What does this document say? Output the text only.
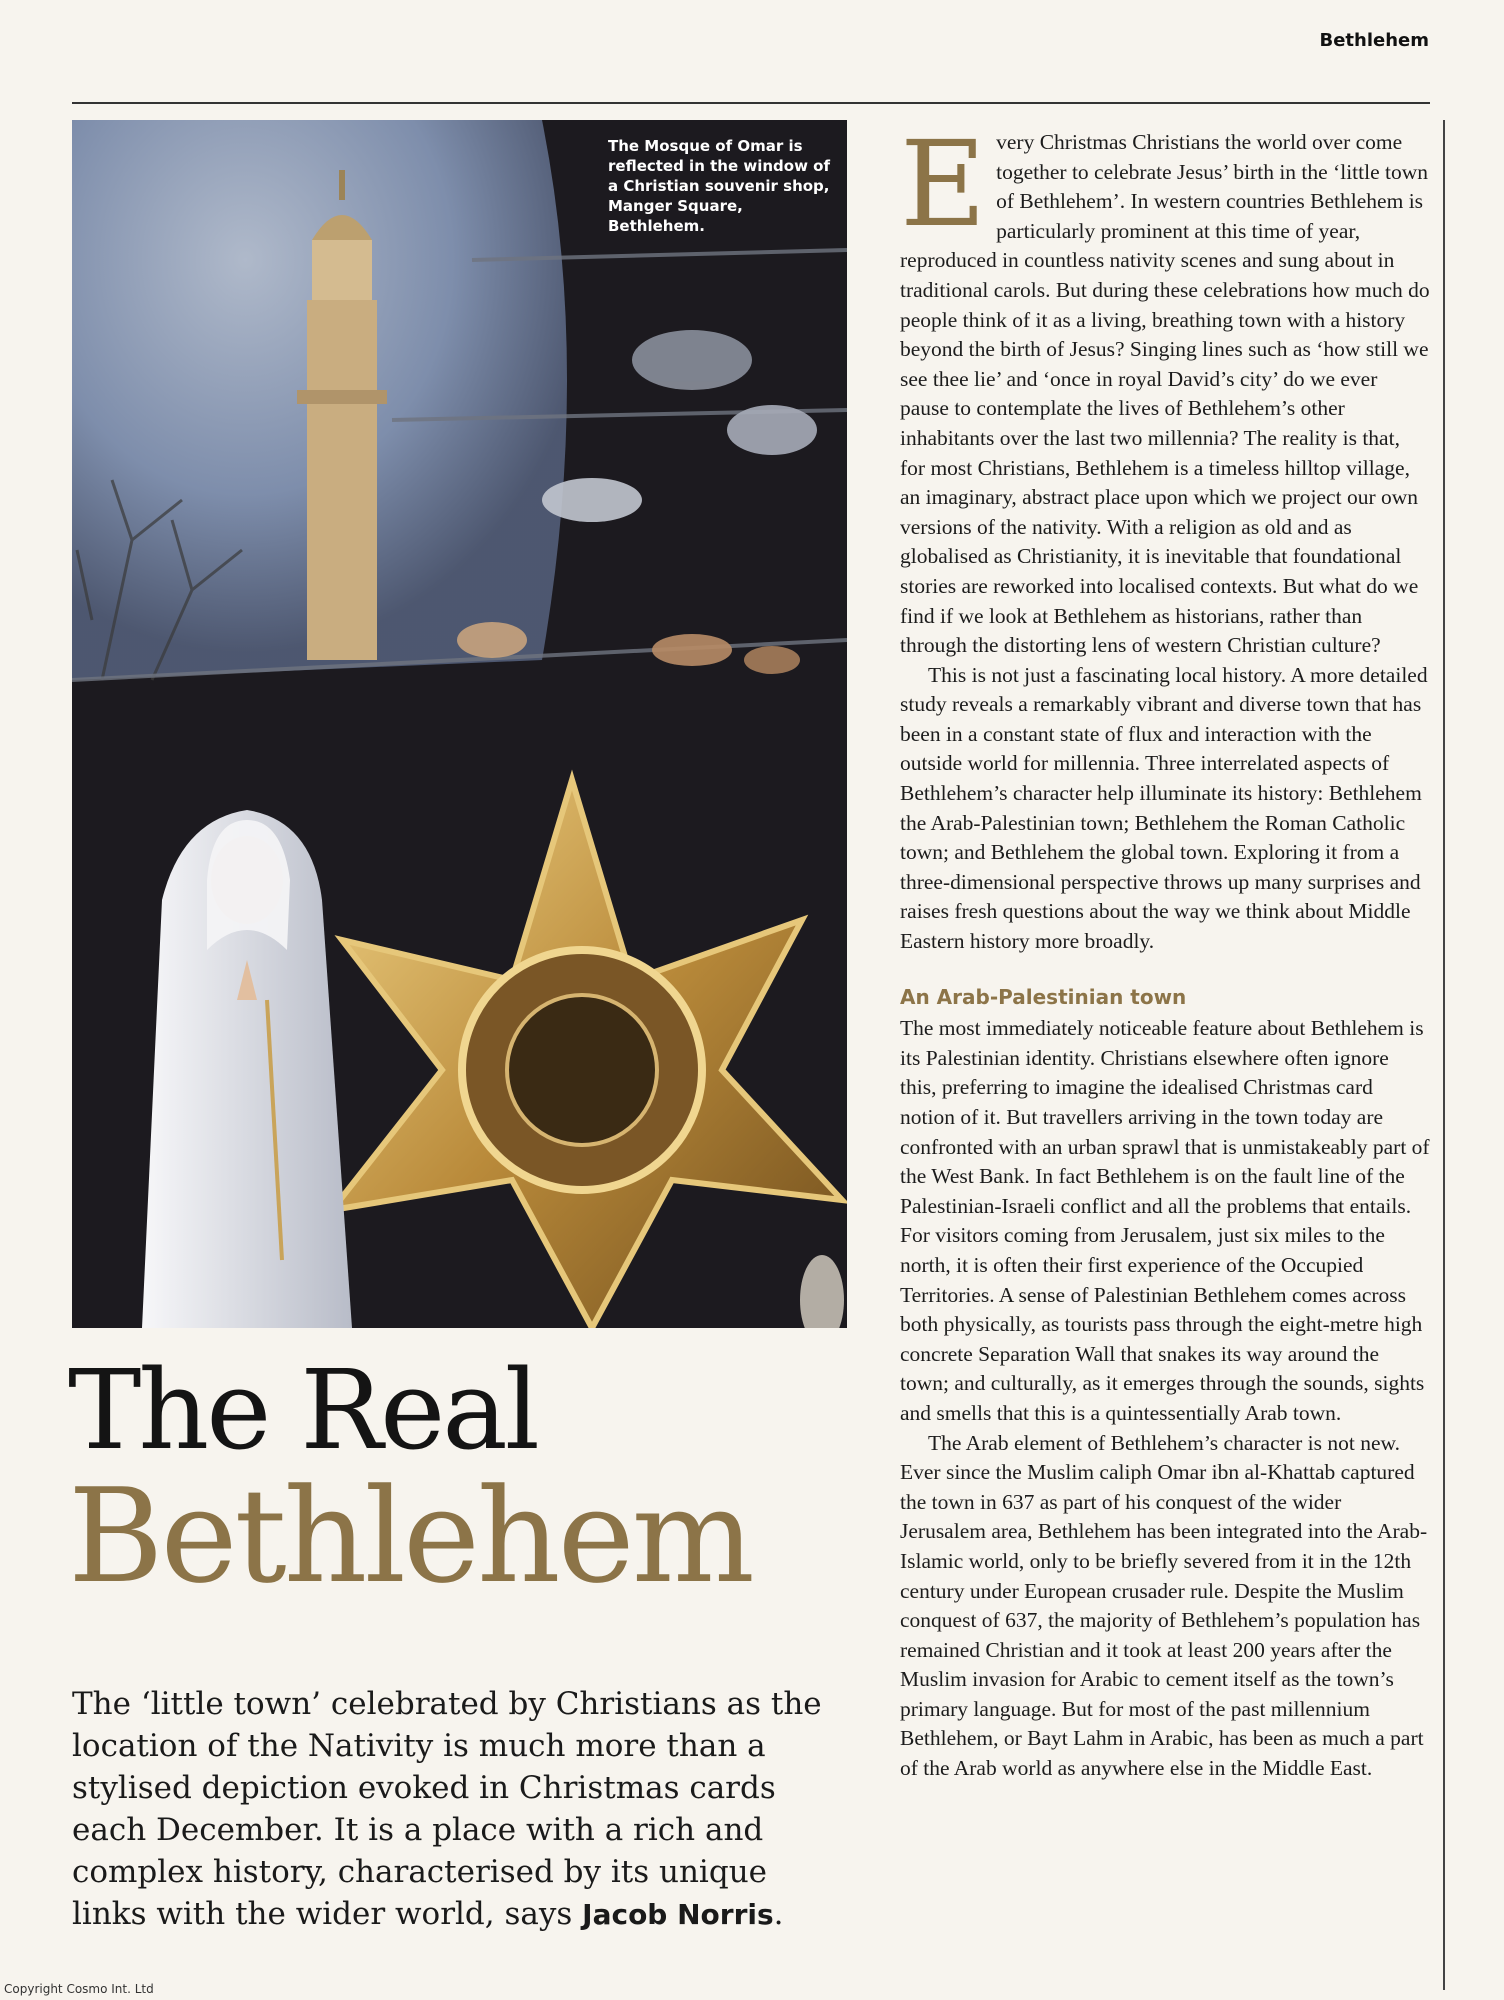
Bethlehem
The Mosque of Omar is reflected in the window of a Christian souvenir shop, Manger Square, Bethlehem.
The Real
Bethlehem
The ‘little town’ celebrated by Christians as the location of the Nativity is much more than a stylised depiction evoked in Christmas cards each December. It is a place with a rich and complex history, characterised by its unique links with the wider world, says Jacob Norris.

Every Christmas Christians the world over come together to celebrate Jesus’ birth in the ‘little town of Bethlehem’. In western countries Bethlehem is particularly prominent at this time of year, reproduced in countless nativity scenes and sung about in traditional carols. But during these celebrations how much do people think of it as a living, breathing town with a history beyond the birth of Jesus? Singing lines such as ‘how still we see thee lie’ and ‘once in royal David’s city’ do we ever pause to contemplate the lives of Bethlehem’s other inhabitants over the last two millennia? The reality is that, for most Christians, Bethlehem is a timeless hilltop village, an imaginary, abstract place upon which we project our own versions of the nativity. With a religion as old and as globalised as Christianity, it is inevitable that foundational stories are reworked into localised contexts. But what do we find if we look at Bethlehem as historians, rather than through the distorting lens of western Christian culture?

This is not just a fascinating local history. A more detailed study reveals a remarkably vibrant and diverse town that has been in a constant state of flux and interaction with the outside world for millennia. Three interrelated aspects of Bethlehem’s character help illuminate its history: Bethlehem the Arab-Palestinian town; Bethlehem the Roman Catholic town; and Bethlehem the global town. Exploring it from a three-dimensional perspective throws up many surprises and raises fresh questions about the way we think about Middle Eastern history more broadly.

An Arab-Palestinian town

The most immediately noticeable feature about Bethlehem is its Palestinian identity. Christians elsewhere often ignore this, preferring to imagine the idealised Christmas card notion of it. But travellers arriving in the town today are confronted with an urban sprawl that is unmistakeably part of the West Bank. In fact Bethlehem is on the fault line of the Palestinian-Israeli conflict and all the problems that entails. For visitors coming from Jerusalem, just six miles to the north, it is often their first experience of the Occupied Territories. A sense of Palestinian Bethlehem comes across both physically, as tourists pass through the eight-metre high concrete Separation Wall that snakes its way around the town; and culturally, as it emerges through the sounds, sights and smells that this is a quintessentially Arab town.

The Arab element of Bethlehem’s character is not new. Ever since the Muslim caliph Omar ibn al-Khattab captured the town in 637 as part of his conquest of the wider Jerusalem area, Bethlehem has been integrated into the Arab-Islamic world, only to be briefly severed from it in the 12th century under European crusader rule. Despite the Muslim conquest of 637, the majority of Bethlehem’s population has remained Christian and it took at least 200 years after the Muslim invasion for Arabic to cement itself as the town’s primary language. But for most of the past millennium Bethlehem, or Bayt Lahm in Arabic, has been as much a part of the Arab world as anywhere else in the Middle East.

Copyright Cosmo Int. Ltd
